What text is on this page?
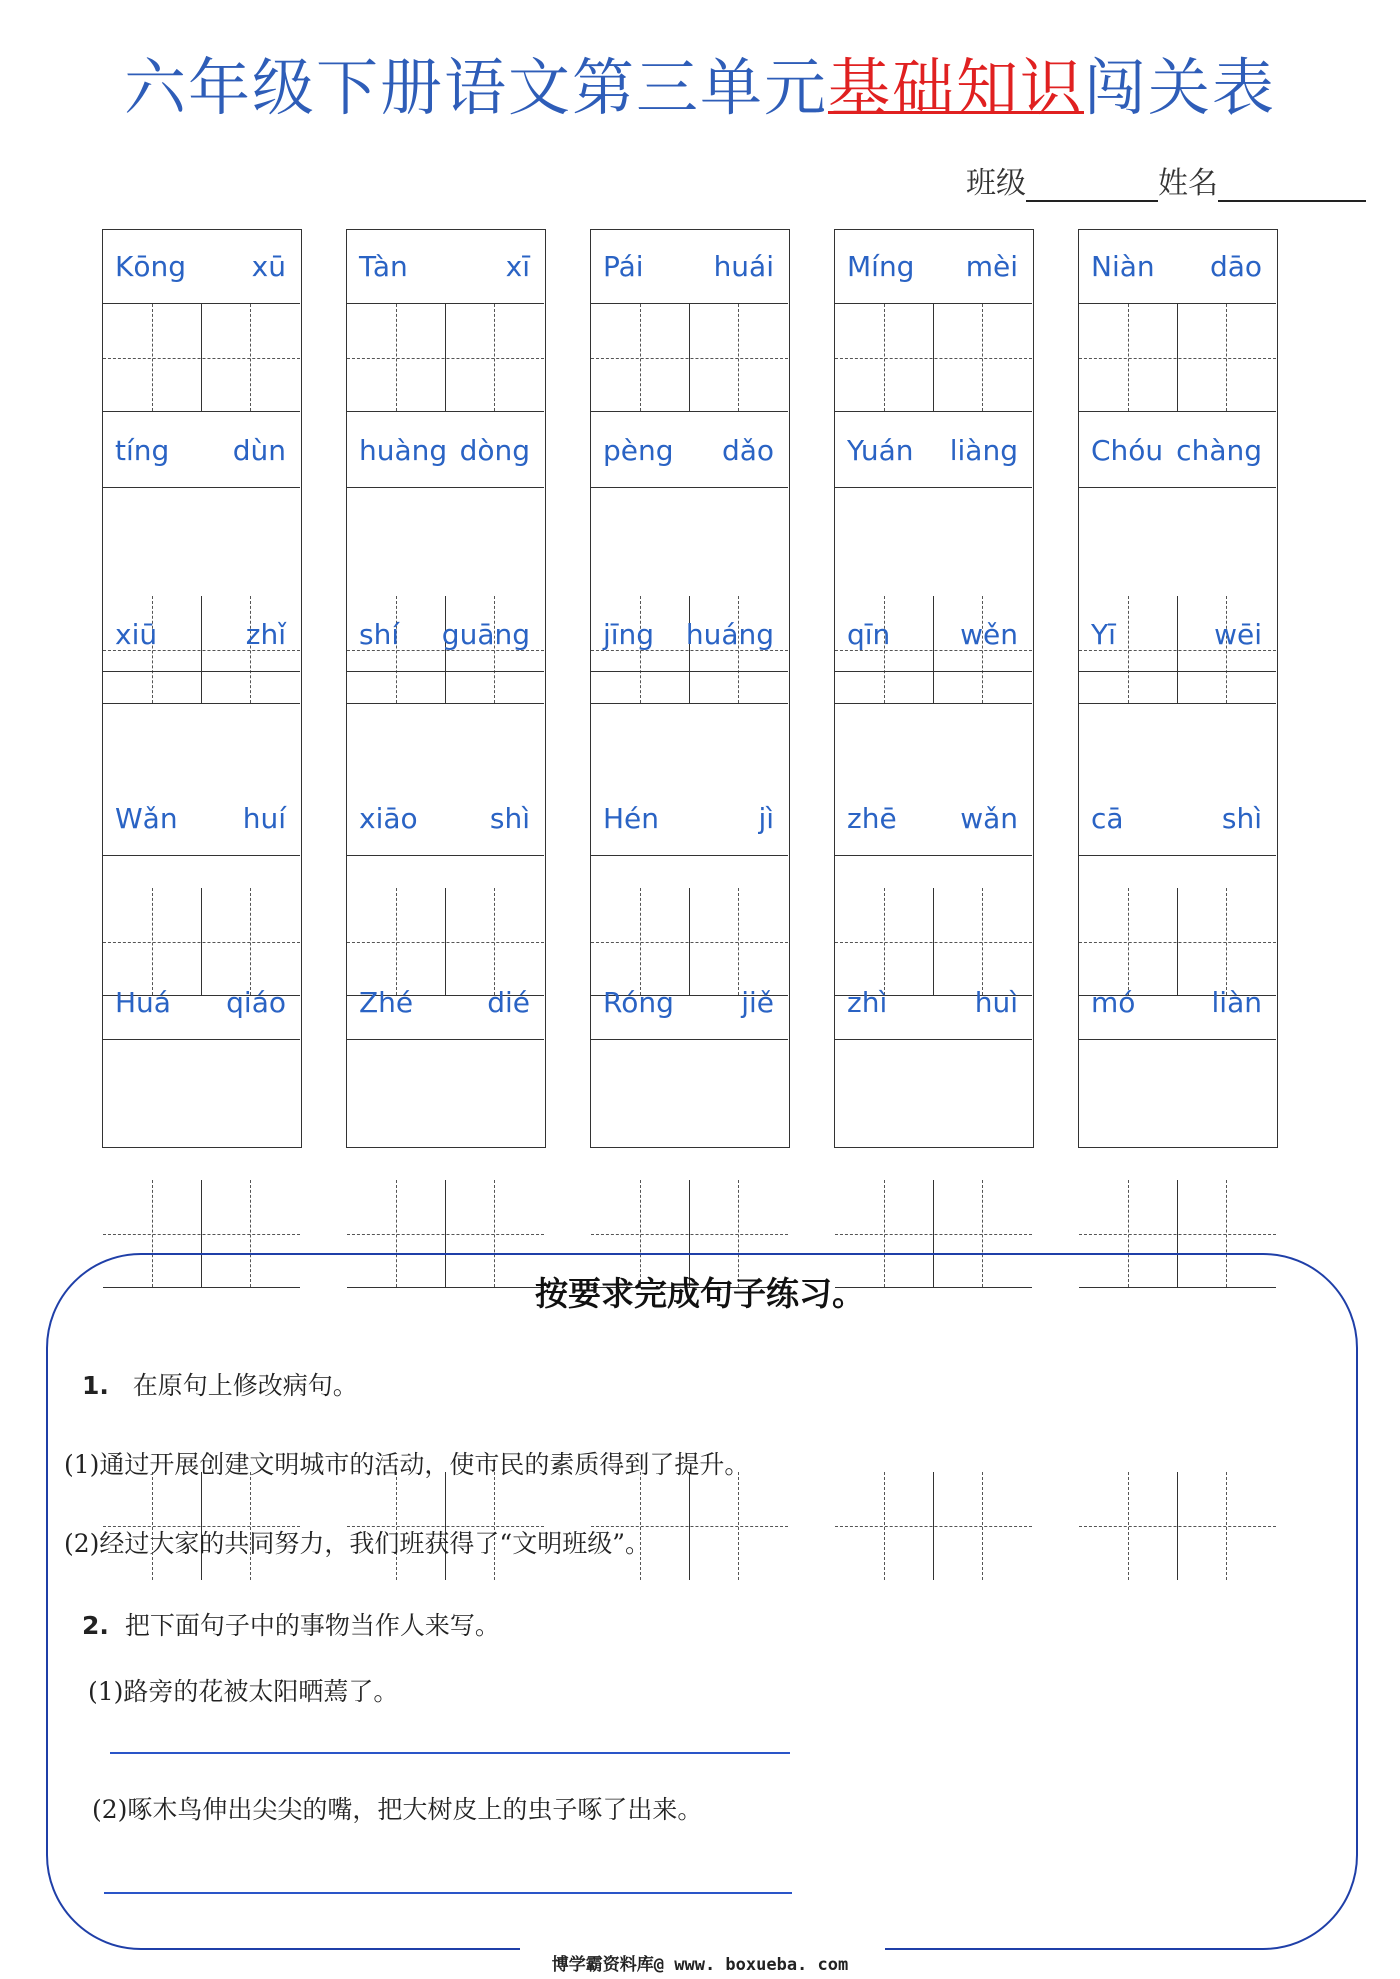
六年级下册语文第三单元基础知识闯关表
班级	姓名
Kōng xū
tíng dùn
xiū	zhǐ
Wǎn huí
Huá qiáo
Tàn	xī
huàng dòng
shí guāng
xiāo	shì
Zhé	dié
Pái huái
pèng dǎo
jīng huáng
Hén	jì
Róng jiě
Míng mèi
Yuán liàng
qīn wěn
zhē wǎn
zhì	huì
Niàn dāo
Chóu chàng
Yī	wēi
cā	shì
mó	liàn
按要求完成句子练习。
1. 在原句上修改病句。
(1)通过开展创建文明城市的活动，使市民的素质得到了提升。
(2)经过大家的共同努力，我们班获得了“文明班级”。
2. 把下面句子中的事物当作人来写。
(1)路旁的花被太阳晒蔫了。
(2)啄木鸟伸出尖尖的嘴，把大树皮上的虫子啄了出来。
博学霸资料库@ www. boxueba. com
